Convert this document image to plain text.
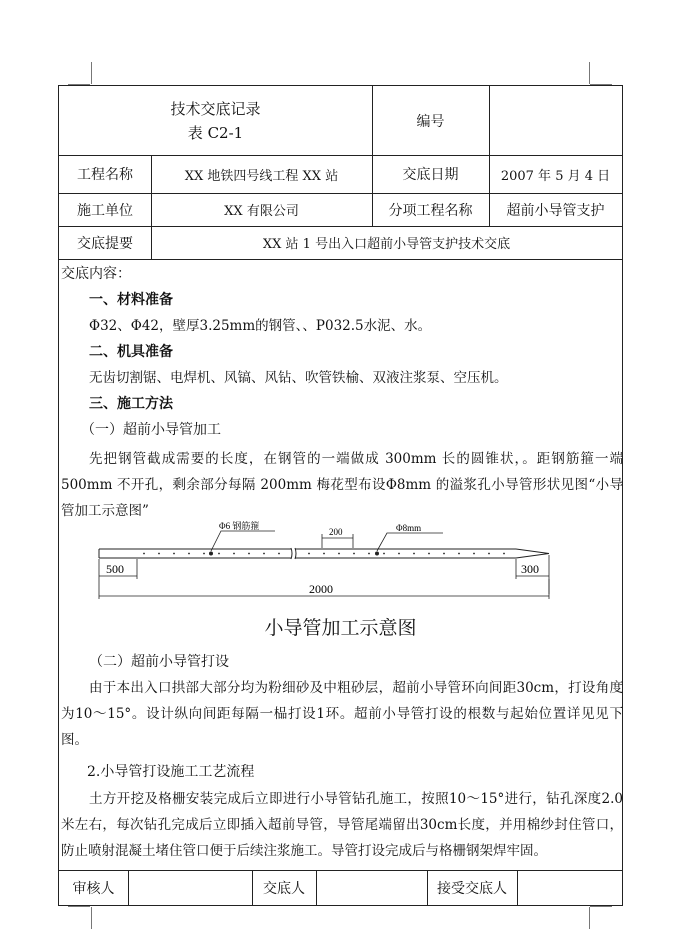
技术交底记录
表 C2-1
编号
工程名称	XX 地铁四号线工程 XX 站	交底日期	2007 年 5 月 4 日
施工单位	XX 有限公司	分项工程名称	超前小导管支护
交底提要	XX 站 1 号出入口超前小导管支护技术交底
交底内容：
一、材料准备
Φ32、Φ42，壁厚3.25mm的钢管、、P032.5水泥、水。
二、机具准备
无齿切割锯、电焊机、风镐、风钻、吹管铁榆、双液注浆泵、空压机。
三、施工方法
（一）超前小导管加工
先把钢管截成需要的长度，在钢管的一端做成 300mm 长的圆锥状，。距钢筋箍一端 500mm 不开孔，剩余部分每隔 200mm 梅花型布设Φ8mm 的溢浆孔小导管形状见图“小导管加工示意图”
Φ6 钢筋箍
200	Φ8mm
500	300
2000
小导管加工示意图
（二）超前小导管打设
由于本出入口拱部大部分均为粉细砂及中粗砂层，超前小导管环向间距30cm，打设角度为10～15°。设计纵向间距每隔一榀打设1环。超前小导管打设的根数与起始位置详见见下图。
2.小导管打设施工工艺流程
土方开挖及格栅安装完成后立即进行小导管钻孔施工，按照10～15°进行，钻孔深度2.0米左右，每次钻孔完成后立即插入超前导管，导管尾端留出30cm长度，并用棉纱封住管口，防止喷射混凝土堵住管口便于后续注浆施工。导管打设完成后与格栅钢架焊牢固。
审核人	交底人	接受交底人
